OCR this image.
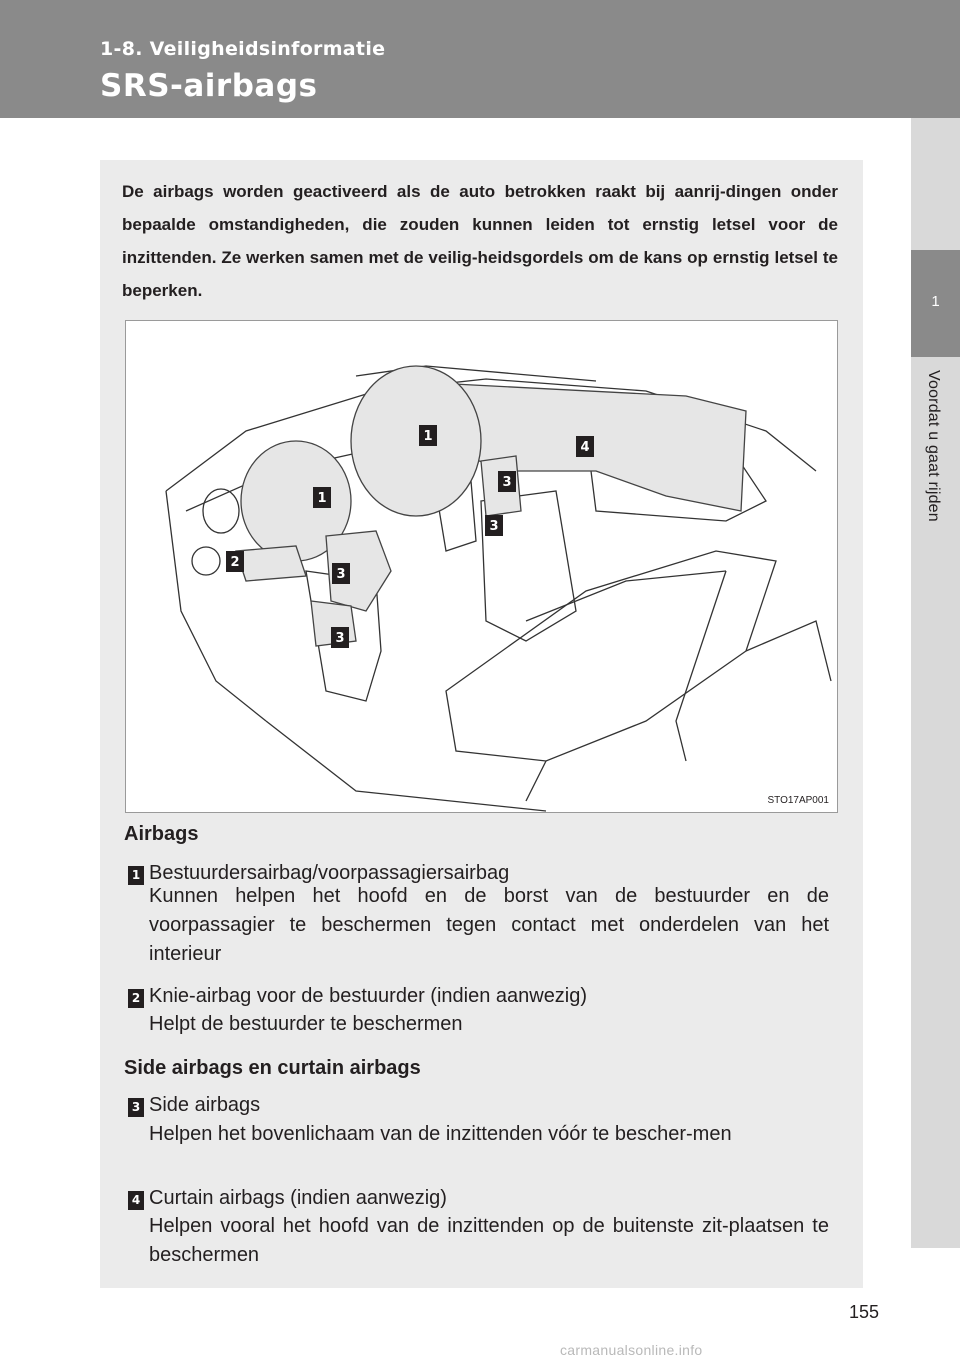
1-8. Veiligheidsinformatie
SRS-airbags
1
Voordat u gaat rijden

De airbags worden geactiveerd als de auto betrokken raakt bij aanrij-dingen onder bepaalde omstandigheden, die zouden kunnen leiden tot ernstig letsel voor de inzittenden. Ze werken samen met de veilig-heidsgordels om de kans op ernstig letsel te beperken.

1
1
2
3
3
3
3
4
STO17AP001
Airbags
1 Bestuurdersairbag/voorpassagiersairbag
Kunnen helpen het hoofd en de borst van de bestuurder en de voorpassagier te beschermen tegen contact met onderdelen van het interieur
2 Knie-airbag voor de bestuurder (indien aanwezig)
Helpt de bestuurder te beschermen
Side airbags en curtain airbags
3 Side airbags
Helpen het bovenlichaam van de inzittenden vóór te bescher-men
4 Curtain airbags (indien aanwezig)
Helpen vooral het hoofd van de inzittenden op de buitenste zit-plaatsen te beschermen
155
carmanualsonline.info
